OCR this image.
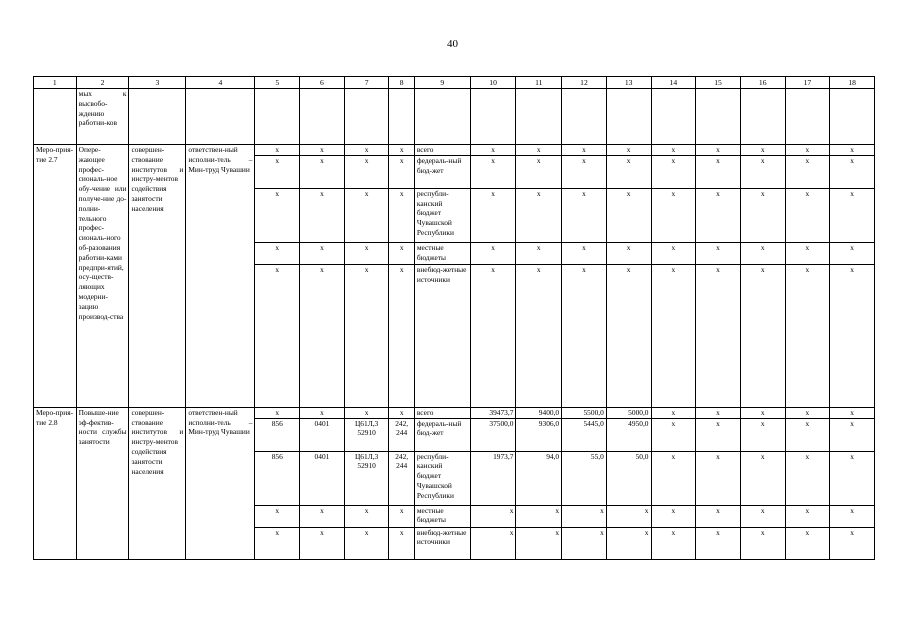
40
1	2	3	4	5	6	7	8	9	10	11	12	13	14	15	16	17	18
	мых к высвобо-ждению работни-ков																
Меро-прия-тие 2.7	Опере-жающее профес-сиональ-ное обу-чение или получе-ние до-полни-тельного профес-сиональ-ного об-разования работни-ками предпри-ятий, осу-ществ-ляющих модерни-зацию производ-ства	совершен-ствование институтов и инстру-ментов содействия занятости населения	ответствен-ный исполни-тель – Мин-труд Чувашии	x	x	x	x	всего	x	x	x	x	x	x	x	x	x
				x	x	x	x	федераль-ный бюд-жет	x	x	x	x	x	x	x	x	x
				x	x	x	x	республи-канский бюджет Чувашской Республики	x	x	x	x	x	x	x	x	x
				x	x	x	x	местные бюджеты	x	x	x	x	x	x	x	x	x
				x	x	x	x	внебюд-жетные источники	x	x	x	x	x	x	x	x	x
Меро-прия-тие 2.8	Повыше-ние эф-фектив-ности службы занятости	совершен-ствование институтов и инстру-ментов содействия занятости населения	ответствен-ный исполни-тель – Мин-труд Чувашии	x	x	x	x	всего	39473,7	9400,0	5500,0	5000,0	x	x	x	x	x
				856	0401	Ц61Л,3 52910	242, 244	федераль-ный бюд-жет	37500,0	9306,0	5445,0	4950,0	x	x	x	x	x
				856	0401	Ц61Л,3 52910	242, 244	республи-канский бюджет Чувашской Республики	1973,7	94,0	55,0	50,0	x	x	x	x	x
				x	x	x	x	местные бюджеты	x	x	x	x	x	x	x	x	x
				x	x	x	x	внебюд-жетные источники	x	x	x	x	x	x	x	x	x
